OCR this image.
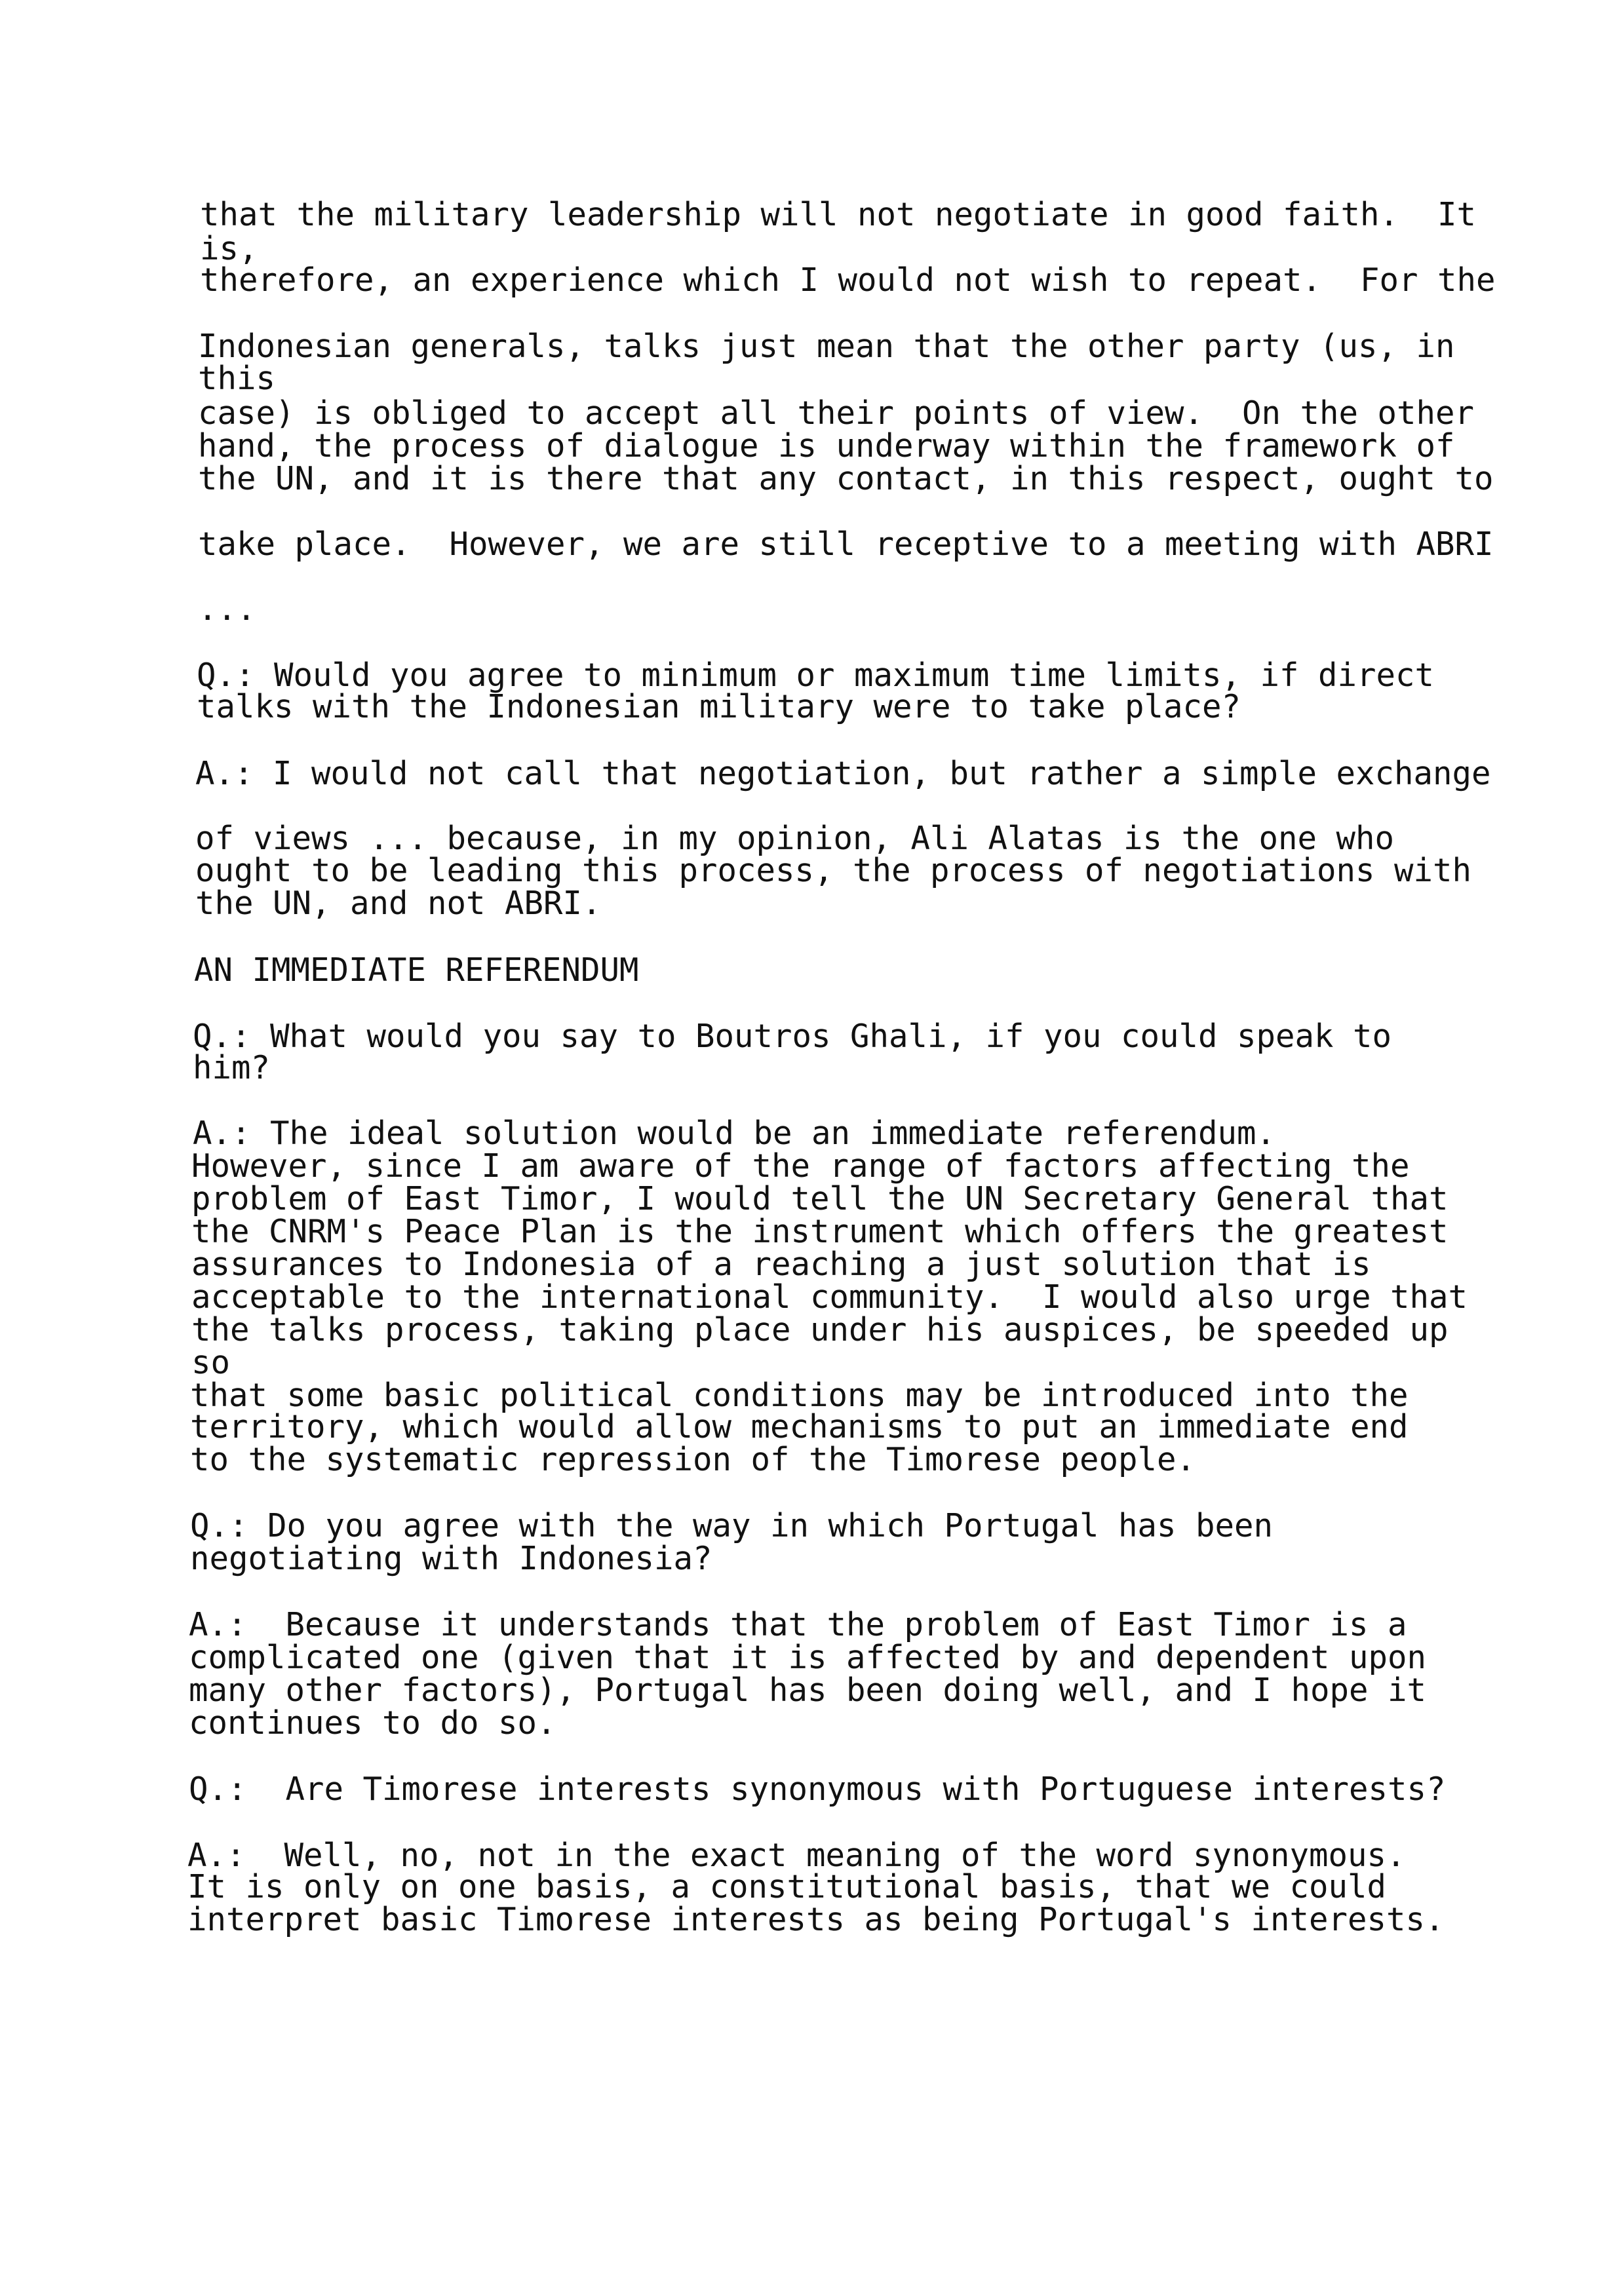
that the military leadership will not negotiate in good faith.  It

is,

therefore, an experience which I would not wish to repeat.  For the

Indonesian generals, talks just mean that the other party (us, in

this

case) is obliged to accept all their points of view.  On the other

hand, the process of dialogue is underway within the framework of

the UN, and it is there that any contact, in this respect, ought to

take place.  However, we are still receptive to a meeting with ABRI

...

Q.: Would you agree to minimum or maximum time limits, if direct

talks with the Indonesian military were to take place?

A.: I would not call that negotiation, but rather a simple exchange

of views ... because, in my opinion, Ali Alatas is the one who

ought to be leading this process, the process of negotiations with

the UN, and not ABRI.

AN IMMEDIATE REFERENDUM

Q.: What would you say to Boutros Ghali, if you could speak to

him?

A.: The ideal solution would be an immediate referendum.

However, since I am aware of the range of factors affecting the

problem of East Timor, I would tell the UN Secretary General that

the CNRM's Peace Plan is the instrument which offers the greatest

assurances to Indonesia of a reaching a just solution that is

acceptable to the international community.  I would also urge that

the talks process, taking place under his auspices, be speeded up

so

that some basic political conditions may be introduced into the

territory, which would allow mechanisms to put an immediate end

to the systematic repression of the Timorese people.

Q.: Do you agree with the way in which Portugal has been

negotiating with Indonesia?

A.:  Because it understands that the problem of East Timor is a

complicated one (given that it is affected by and dependent upon

many other factors), Portugal has been doing well, and I hope it

continues to do so.

Q.:  Are Timorese interests synonymous with Portuguese interests?

A.:  Well, no, not in the exact meaning of the word synonymous.

It is only on one basis, a constitutional basis, that we could

interpret basic Timorese interests as being Portugal's interests.
